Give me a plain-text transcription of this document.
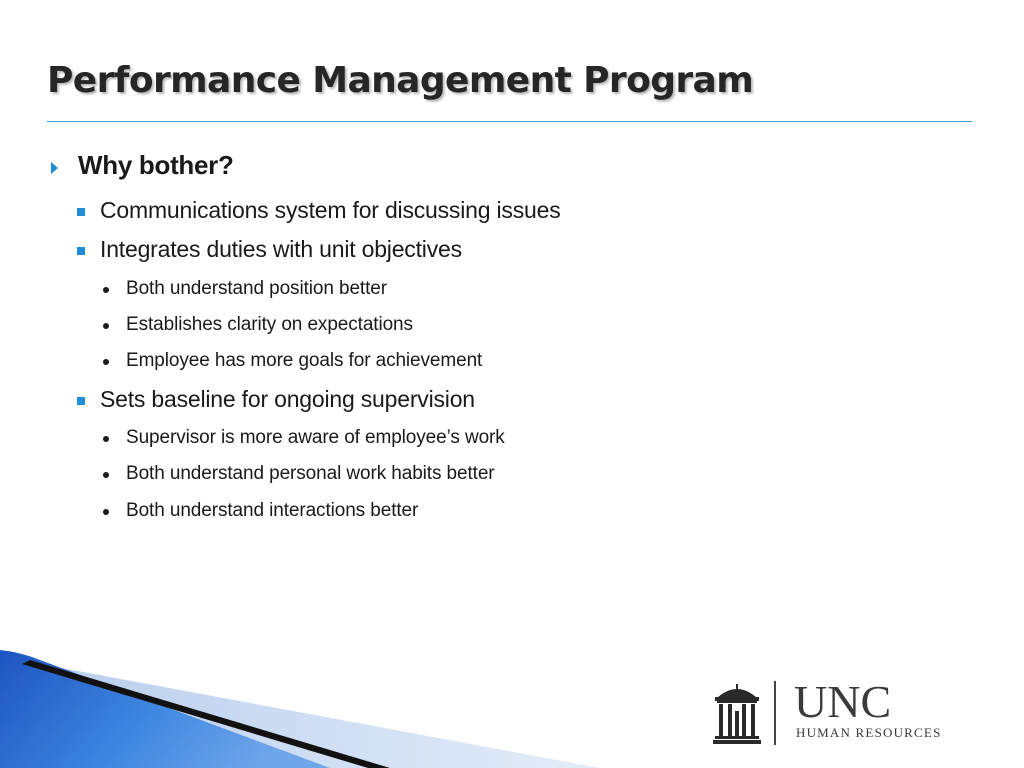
Performance Management Program
Why bother?
Communications system for discussing issues
Integrates duties with unit objectives
Both understand position better
Establishes clarity on expectations
Employee has more goals for achievement
Sets baseline for ongoing supervision
Supervisor is more aware of employee’s work
Both understand personal work habits better
Both understand interactions better
UNC
HUMAN RESOURCES
